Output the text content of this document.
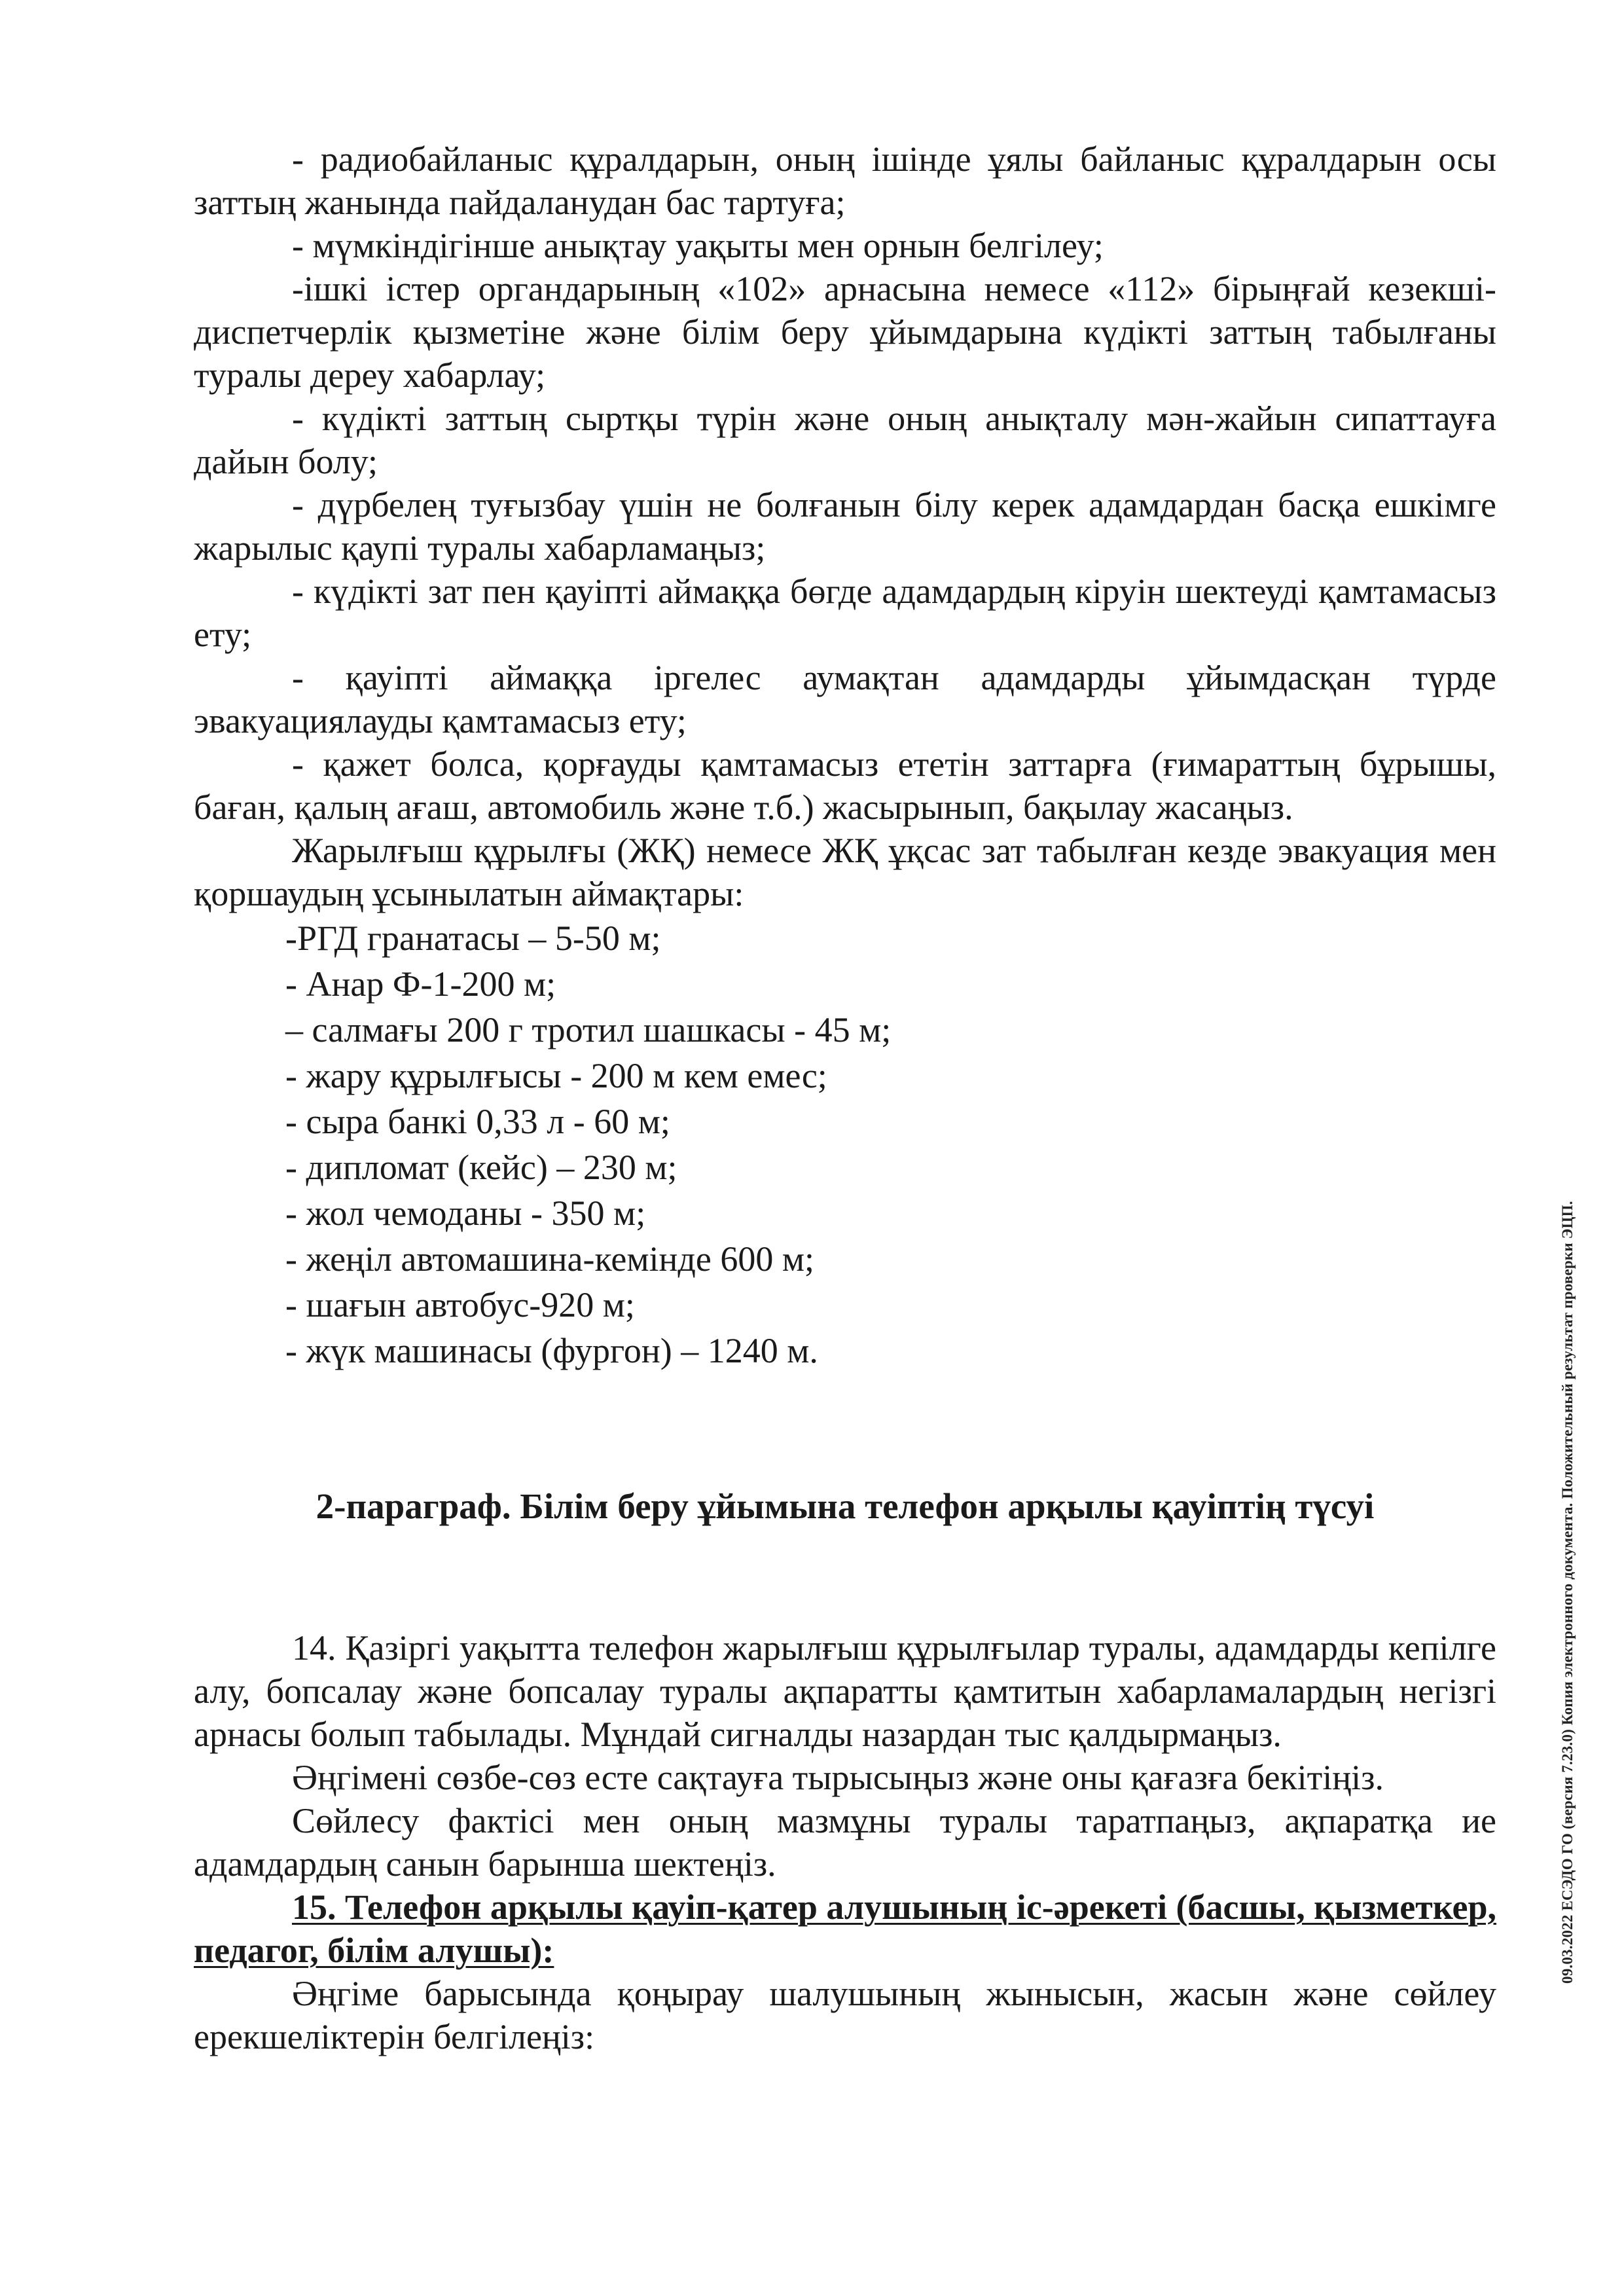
- радиобайланыс құралдарын, оның ішінде ұялы байланыс құралдарын осы заттың жанында пайдаланудан бас тартуға;

- мүмкіндігінше анықтау уақыты мен орнын белгілеу;

-ішкі істер органдарының «102» арнасына немесе «112» бірыңғай кезекші-диспетчерлік қызметіне және білім беру ұйымдарына күдікті заттың табылғаны туралы дереу хабарлау;

- күдікті заттың сыртқы түрін және оның анықталу мән-жайын сипаттауға дайын болу;

- дүрбелең туғызбау үшін не болғанын білу керек адамдардан басқа ешкімге жарылыс қаупі туралы хабарламаңыз;

- күдікті зат пен қауіпті аймаққа бөгде адамдардың кіруін шектеуді қамтамасыз ету;

- қауіпті аймаққа іргелес аумақтан адамдарды ұйымдасқан түрде эвакуациялауды қамтамасыз ету;

- қажет болса, қорғауды қамтамасыз ететін заттарға (ғимараттың бұрышы, баған, қалың ағаш, автомобиль және т.б.) жасырынып, бақылау жасаңыз.

Жарылғыш құрылғы (ЖҚ) немесе ЖҚ ұқсас зат табылған кезде эвакуация мен қоршаудың ұсынылатын аймақтары:

-РГД гранатасы – 5-50 м;

- Анар Ф-1-200 м;

– салмағы 200 г тротил шашкасы - 45 м;

- жару құрылғысы - 200 м кем емес;

- сыра банкі 0,33 л - 60 м;

- дипломат (кейс) – 230 м;

- жол чемоданы - 350 м;

- жеңіл автомашина-кемінде 600 м;

- шағын автобус-920 м;

- жүк машинасы (фургон) – 1240 м.

2-параграф. Білім беру ұйымына телефон арқылы қауіптің түсуі

14. Қазіргі уақытта телефон жарылғыш құрылғылар туралы, адамдарды кепілге алу, бопсалау және бопсалау туралы ақпаратты қамтитын хабарламалардың негізгі арнасы болып табылады. Мұндай сигналды назардан тыс қалдырмаңыз.

Әңгімені сөзбе-сөз есте сақтауға тырысыңыз және оны қағазға бекітіңіз.

Сөйлесу фактісі мен оның мазмұны туралы таратпаңыз, ақпаратқа ие адамдардың санын барынша шектеңіз.

15. Телефон арқылы қауіп-қатер алушының іс-әрекеті (басшы, қызметкер, педагог, білім алушы):

Әңгіме барысында қоңырау шалушының жынысын, жасын және сөйлеу ерекшеліктерін белгілеңіз:

09.03.2022 ЕСЭДО ГО (версия 7.23.0) Копия электронного документа. Положительный результат проверки ЭЦП.
